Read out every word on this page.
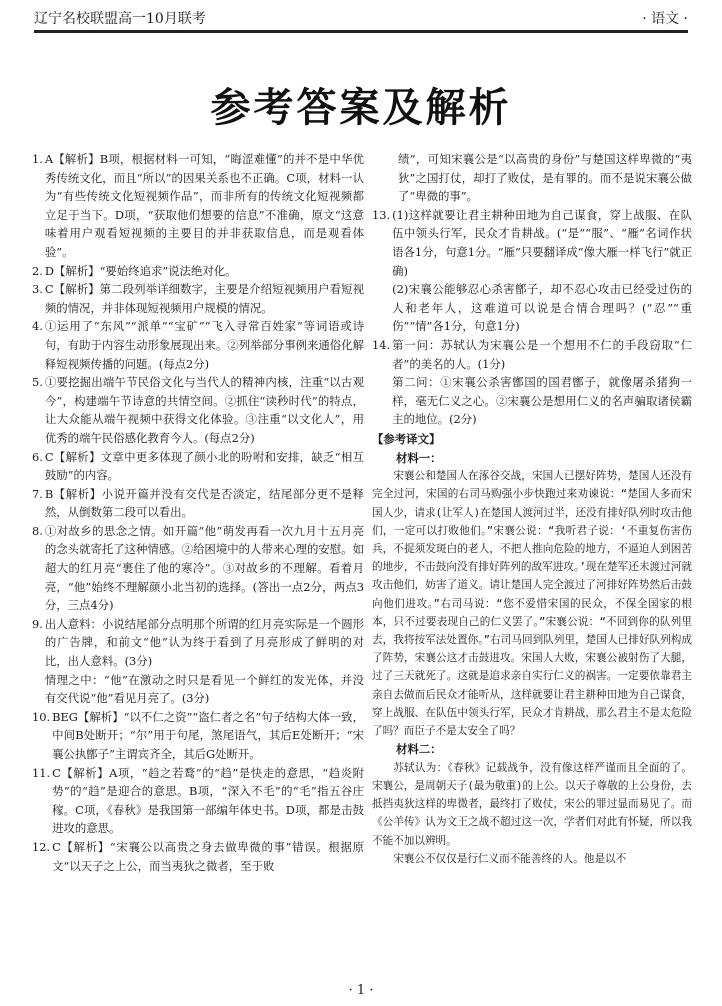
辽宁名校联盟高一10月联考	· 语文 ·
参考答案及解析
1. A【解析】B项，根据材料一可知，“晦涩难懂”的并不是中华优秀传统文化，而且“所以”的因果关系也不正确。C项，材料一认为“有些传统文化短视频作品”，而非所有的传统文化短视频都立足于当下。D项，“获取他们想要的信息”不准确，原文“这意味着用户观看短视频的主要目的并非获取信息，而是观看体验”。
2. D【解析】“要始终追求”说法绝对化。
3. C【解析】第二段列举详细数字，主要是介绍短视频用户看短视频的情况，并非体现短视频用户规模的情况。
4. ①运用了“东风”“派单”“宝矿”“飞入寻常百姓家”等词语或诗句，有助于内容生动形象展现出来。②列举部分事例来通俗化解释短视频传播的问题。(每点2分)
5. ①要挖掘出端午节民俗文化与当代人的精神内核，注重“以古观今”，构建端午节诗意的共情空间。②抓住“读秒时代”的特点，让大众能从端午视频中获得文化体验。③注重“以文化人”，用优秀的端午民俗感化教育今人。(每点2分)
6. C【解析】文章中更多体现了颜小北的吩咐和安排，缺乏“相互鼓励”的内容。
7. B【解析】小说开篇并没有交代是否淡定，结尾部分更不是释然，从倒数第二段可以看出。
8. ①对故乡的思念之情。如开篇“他”萌发再看一次九月十五月亮的念头就寄托了这种情感。②给困境中的人带来心理的安慰。如超大的红月亮“裹住了他的寒冷”。③对故乡的不理解。看着月亮，“他”始终不理解颜小北当初的选择。(答出一点2分，两点3分，三点4分)
9. 出人意料：小说结尾部分点明那个所谓的红月亮实际是一个圆形的广告牌，和前文“他”认为终于看到了月亮形成了鲜明的对比，出人意料。(3分)
情理之中：“他”在激动之时只是看见一个鲜红的发光体，并没有交代说“他”看见月亮了。(3分)
10. BEG【解析】“以不仁之资”“盗仁者之名”句子结构大体一致，中间B处断开；“尔”用于句尾，煞尾语气，其后E处断开；“宋襄公执鄫子”主谓宾齐全，其后G处断开。
11. C【解析】A项，“趋之若鹜”的“趋”是快走的意思，“趋炎附势”的“趋”是迎合的意思。B项，“深入不毛”的“毛”指五谷庄稼。C项，《春秋》是我国第一部编年体史书。D项，都是击鼓进攻的意思。
12. C【解析】“宋襄公以高贵之身去做卑微的事”错误。根据原文“以天子之上公，而当夷狄之微者，至于败
绩”，可知宋襄公是“以高贵的身份”与楚国这样卑微的“夷狄”之国打仗，却打了败仗，是有罪的。而不是说宋襄公做了“卑微的事”。
13. (1)这样就要让君主耕种田地为自己谋食，穿上战服、在队伍中领头行军，民众才肯耕战。(“是”“服”、“雁”名词作状语各1分，句意1分。“雁”只要翻译成“像大雁一样飞行”就正确)
(2)宋襄公能够忍心杀害鄫子，却不忍心攻击已经受过伤的人和老年人，这难道可以说是合情合理吗？(“忍”“重伤”“情”各1分，句意1分)
14. 第一问：苏轼认为宋襄公是一个想用不仁的手段窃取“仁者”的美名的人。(1分)
第二问：①宋襄公杀害鄫国的国君鄫子，就像屠杀猪狗一样，毫无仁义之心。②宋襄公是想用仁义的名声骗取诸侯霸主的地位。(2分)
【参考译文】
材料一：
宋襄公和楚国人在涿谷交战，宋国人已摆好阵势，楚国人还没有完全过河，宋国的右司马购强小步快跑过来劝谏说：“楚国人多而宋国人少，请求(让军人)在楚国人渡河过半，还没有排好队列时攻击他们，一定可以打败他们。”宋襄公说：“我听君子说：‘不重复伤害伤兵，不捉须发斑白的老人，不把人推向危险的地方，不逼迫人到困苦的地步，不击鼓向没有排好阵列的敌军进攻。’现在楚军还未渡过河就攻击他们，妨害了道义。请让楚国人完全渡过了河排好阵势然后击鼓向他们进攻。”右司马说：“您不爱惜宋国的民众，不保全国家的根本，只不过要表现自己的仁义罢了。”宋襄公说：“不回到你的队列里去，我将按军法处置你。”右司马回到队列里，楚国人已排好队列构成了阵势，宋襄公这才击鼓进攻。宋国人大败，宋襄公被射伤了大腿，过了三天就死了。这就是追求亲自实行仁义的祸害。一定要依靠君主亲自去做而后民众才能听从，这样就要让君主耕种田地为自己谋食，穿上战服、在队伍中领头行军，民众才肯耕战，那么君主不是太危险了吗？而臣子不是太安全了吗？
材料二：
苏轼认为：《春秋》记载战争，没有像这样严谨而且全面的了。宋襄公，是周朝天子(最为敬重)的上公。以天子尊敬的上公身份，去抵挡夷狄这样的卑微者，最终打了败仗，宋公的罪过显而易见了。而《公羊传》认为文王之战不超过这一次，学者们对此有怀疑，所以我不能不加以辨明。
宋襄公不仅仅是行仁义而不能善终的人。他是以不
· 1 ·
